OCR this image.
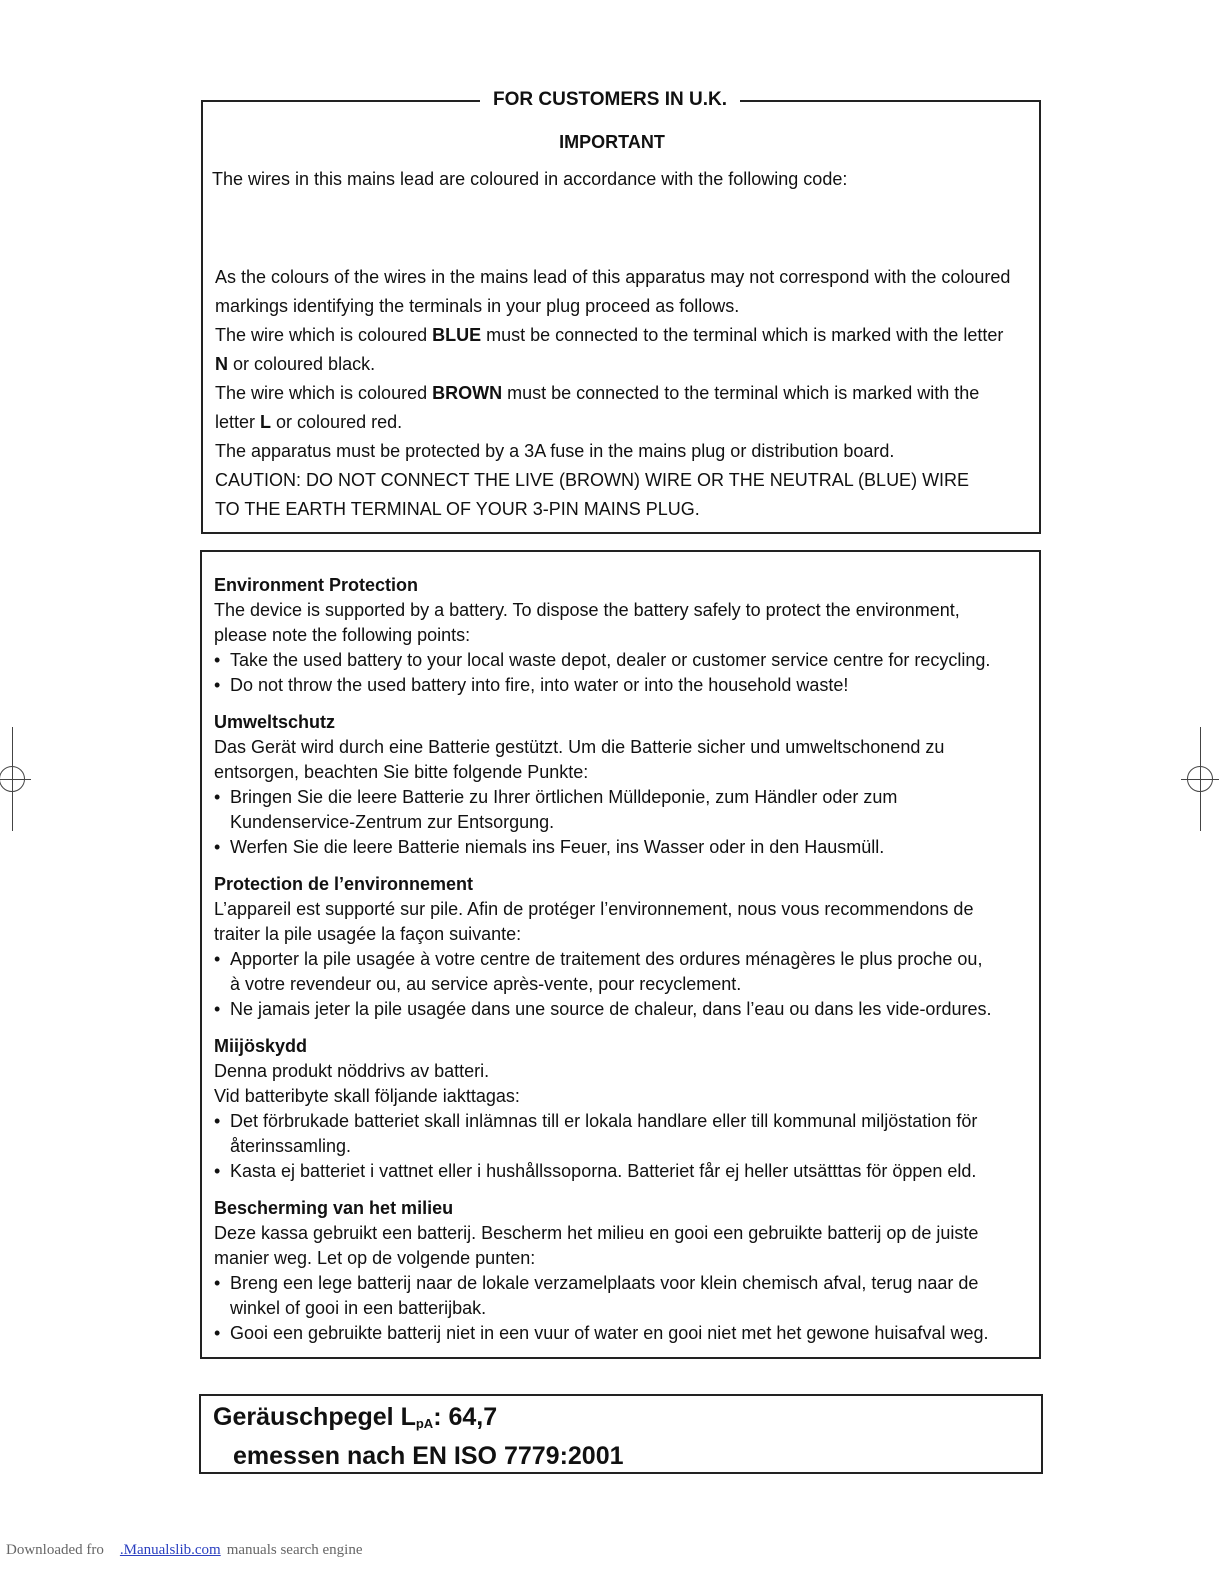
FOR CUSTOMERS IN U.K.
IMPORTANT
The wires in this mains lead are coloured in accordance with the following code:

As the colours of the wires in the mains lead of this apparatus may not correspond with the coloured

markings identifying the terminals in your plug proceed as follows.

The wire which is coloured BLUE must be connected to the terminal which is marked with the letter

N or coloured black.

The wire which is coloured BROWN must be connected to the terminal which is marked with the

letter L or coloured red.

The apparatus must be protected by a 3A fuse in the mains plug or distribution board.

CAUTION: DO NOT CONNECT THE LIVE (BROWN) WIRE OR THE NEUTRAL (BLUE) WIRE

TO THE EARTH TERMINAL OF YOUR 3-PIN MAINS PLUG.

Environment Protection

The device is supported by a battery. To dispose the battery safely to protect the environment,

please note the following points:

• Take the used battery to your local waste depot, dealer or customer service centre for recycling.
• Do not throw the used battery into fire, into water or into the household waste!
Umweltschutz

Das Gerät wird durch eine Batterie gestützt. Um die Batterie sicher und umweltschonend zu

entsorgen, beachten Sie bitte folgende Punkte:

• Bringen Sie die leere Batterie zu Ihrer örtlichen Mülldeponie, zum Händler oder zum
Kundenservice-Zentrum zur Entsorgung.
• Werfen Sie die leere Batterie niemals ins Feuer, ins Wasser oder in den Hausmüll.
Protection de l’environnement

L’appareil est supporté sur pile. Afin de protéger l’environnement, nous vous recommendons de

traiter la pile usagée la façon suivante:

• Apporter la pile usagée à votre centre de traitement des ordures ménagères le plus proche ou,
à votre revendeur ou, au service après-vente, pour recyclement.
• Ne jamais jeter la pile usagée dans une source de chaleur, dans l’eau ou dans les vide-ordures.
Miijöskydd

Denna produkt nöddrivs av batteri.

Vid batteribyte skall följande iakttagas:

• Det förbrukade batteriet skall inlämnas till er lokala handlare eller till kommunal miljöstation för
återinssamling.
• Kasta ej batteriet i vattnet eller i hushållssoporna. Batteriet får ej heller utsätttas för öppen eld.
Bescherming van het milieu

Deze kassa gebruikt een batterij. Bescherm het milieu en gooi een gebruikte batterij op de juiste

manier weg. Let op de volgende punten:

• Breng een lege batterij naar de lokale verzamelplaats voor klein chemisch afval, terug naar de
winkel of gooi in een batterijbak.
• Gooi een gebruikte batterij niet in een vuur of water en gooi niet met het gewone huisafval weg.
Geräuschpegel $L_{pA}$: 64,7
emessen nach EN ISO 7779:2001
Downloaded fro .Manualslib.com manuals search engine
